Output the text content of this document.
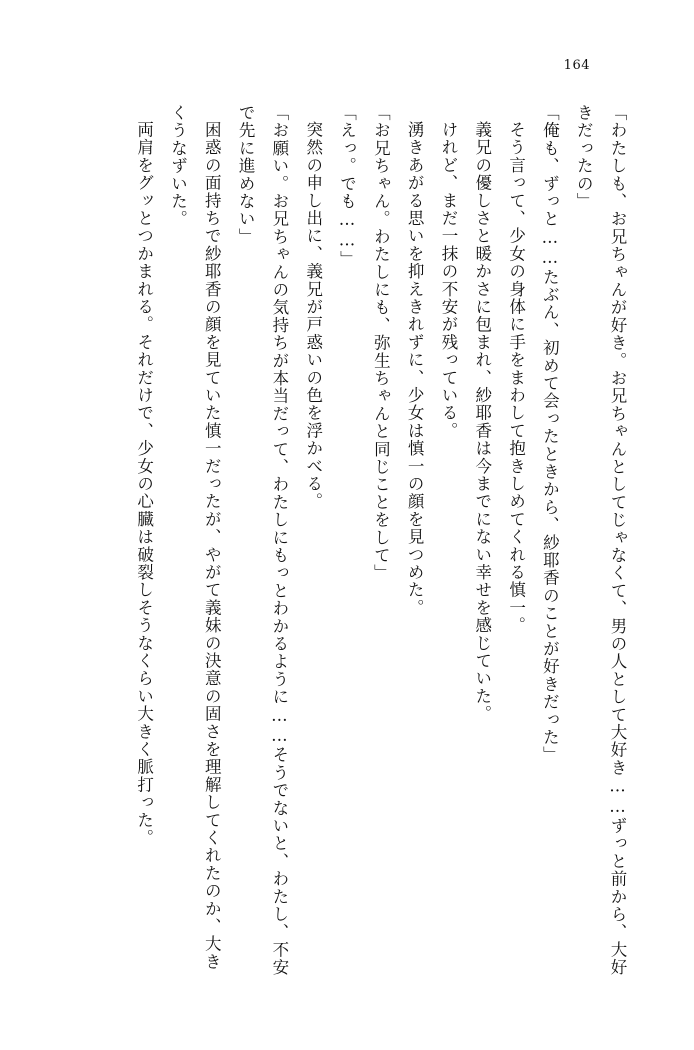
164

「わたしも、お兄ちゃんが好き。お兄ちゃんとしてじゃなくて、男の人として大好き……ずっと前から、大好きだったの」

「俺も、ずっと……たぶん、初めて会ったときから、紗耶香のことが好きだった」

そう言って、少女の身体に手をまわして抱きしめてくれる慎一。

義兄の優しさと暖かさに包まれ、紗耶香は今までにない幸せを感じていた。

けれど、まだ一抹の不安が残っている。

湧きあがる思いを抑えきれずに、少女は慎一の顔を見つめた。

「お兄ちゃん。わたしにも、弥生ちゃんと同じことをして」

「えっ。でも……」

突然の申し出に、義兄が戸惑いの色を浮かべる。

「お願い。お兄ちゃんの気持ちが本当だって、わたしにもっとわかるように……そうでないと、わたし、不安で先に進めない」

困惑の面持ちで紗耶香の顔を見ていた慎一だったが、やがて義妹の決意の固さを理解してくれたのか、大きくうなずいた。

両肩をグッとつかまれる。それだけで、少女の心臓は破裂しそうなくらい大きく脈打った。
